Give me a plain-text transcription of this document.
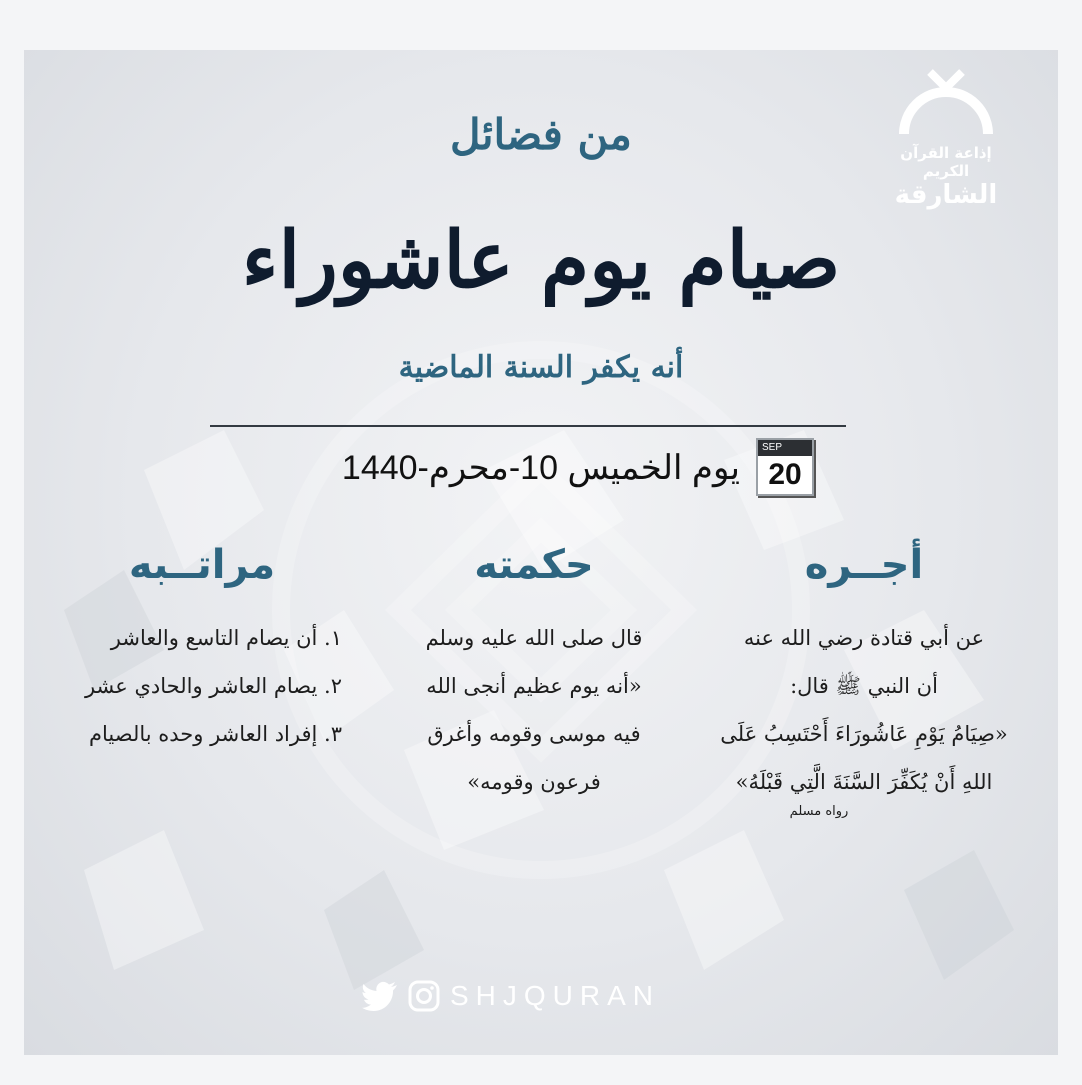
إذاعة القرآن الكريم
الشارقة
من فضائل
صيام يوم عاشوراء
أنه يكفر السنة الماضية
SEP
20
يوم الخميس 10-محرم-1440
أجــره
عن أبي قتادة رضي الله عنه
أن النبي ﷺ قال:
«صِيَامُ يَوْمِ عَاشُورَاءَ أَحْتَسِبُ عَلَى
اللهِ أَنْ يُكَفِّرَ السَّنَةَ الَّتِي قَبْلَهُ»
رواه مسلم
حكمته
قال صلى الله عليه وسلم
«أنه يوم عظيم أنجى الله
فيه موسى وقومه وأغرق
فرعون وقومه»
مراتــبه
١. أن يصام التاسع والعاشر
٢. يصام العاشر والحادي عشر
٣. إفراد العاشر وحده بالصيام
SHJQURAN
